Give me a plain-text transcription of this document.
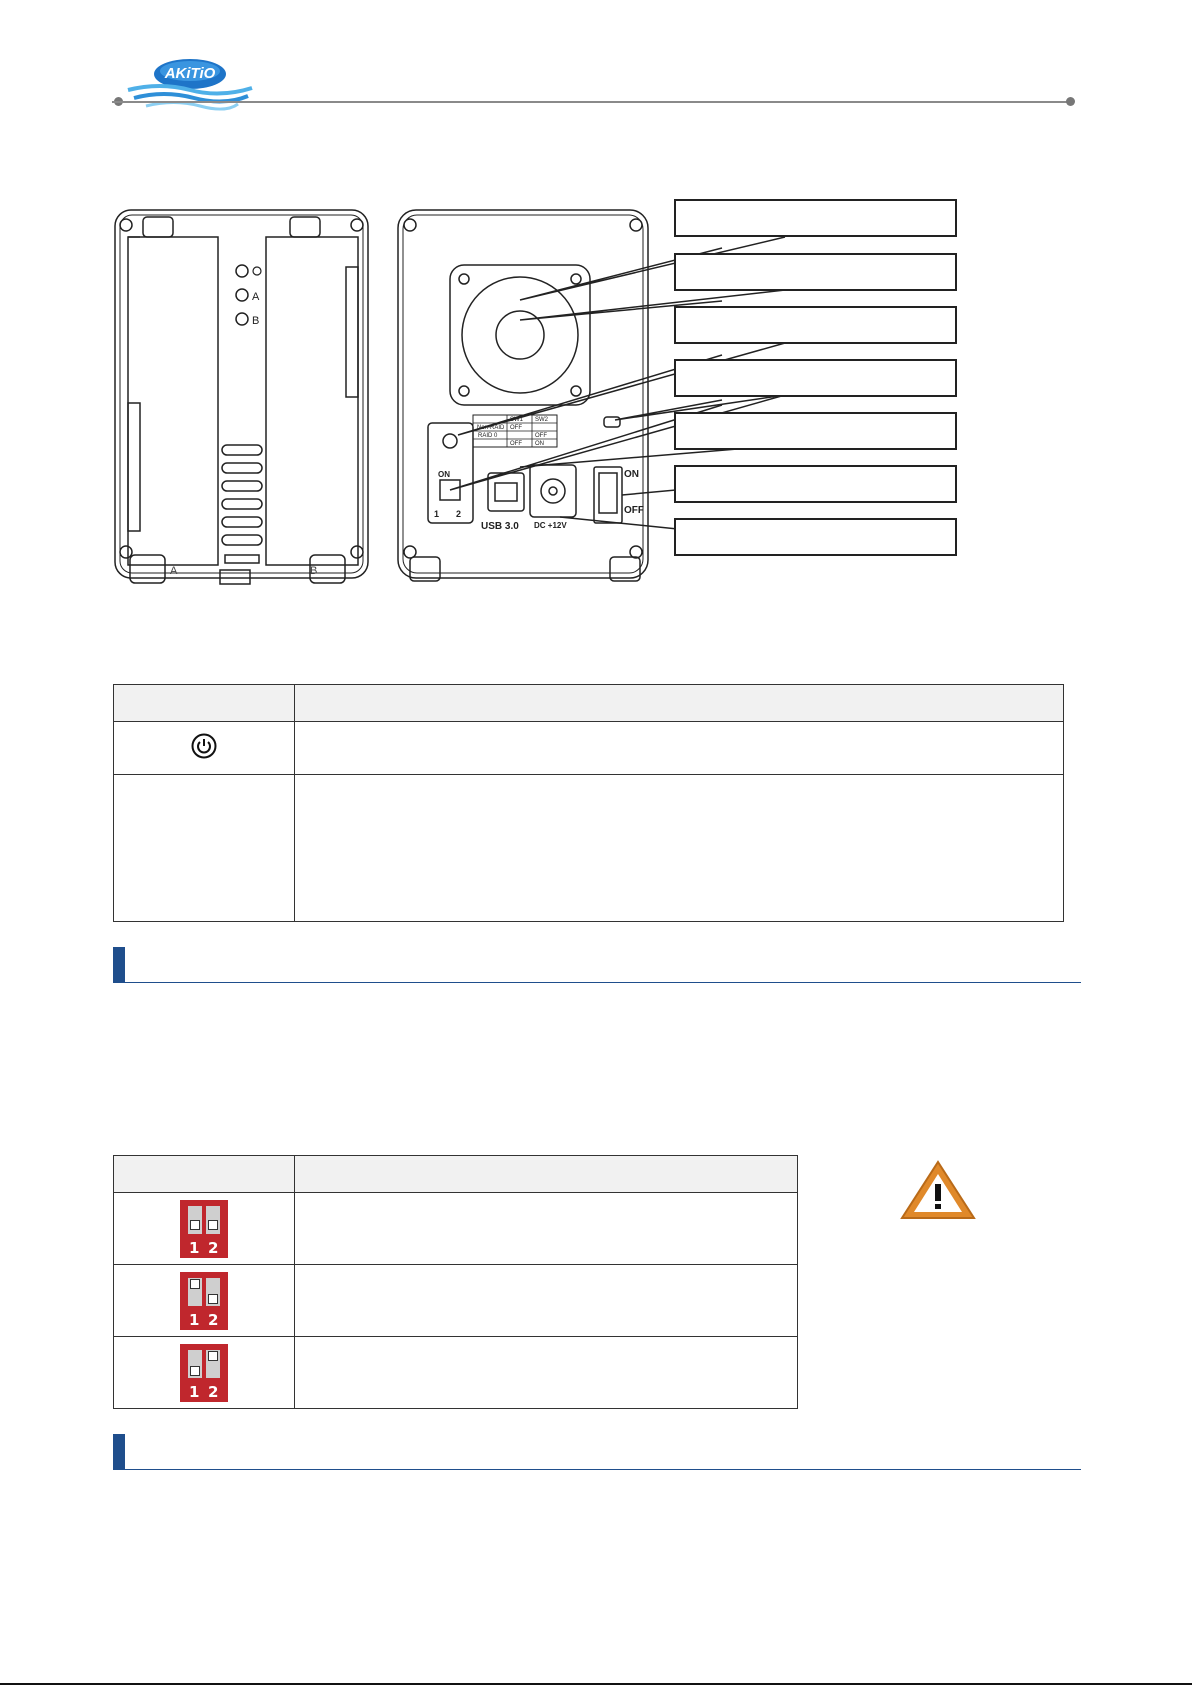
AKiTiO
A
B
A	B
Non-RAID
SW1 SW2
OFF
RAID 0	OFF
OFF ON
ON
1 2
USB 3.0 DC +12V
ON
OFF

1 2	

1 2	

1 2	
